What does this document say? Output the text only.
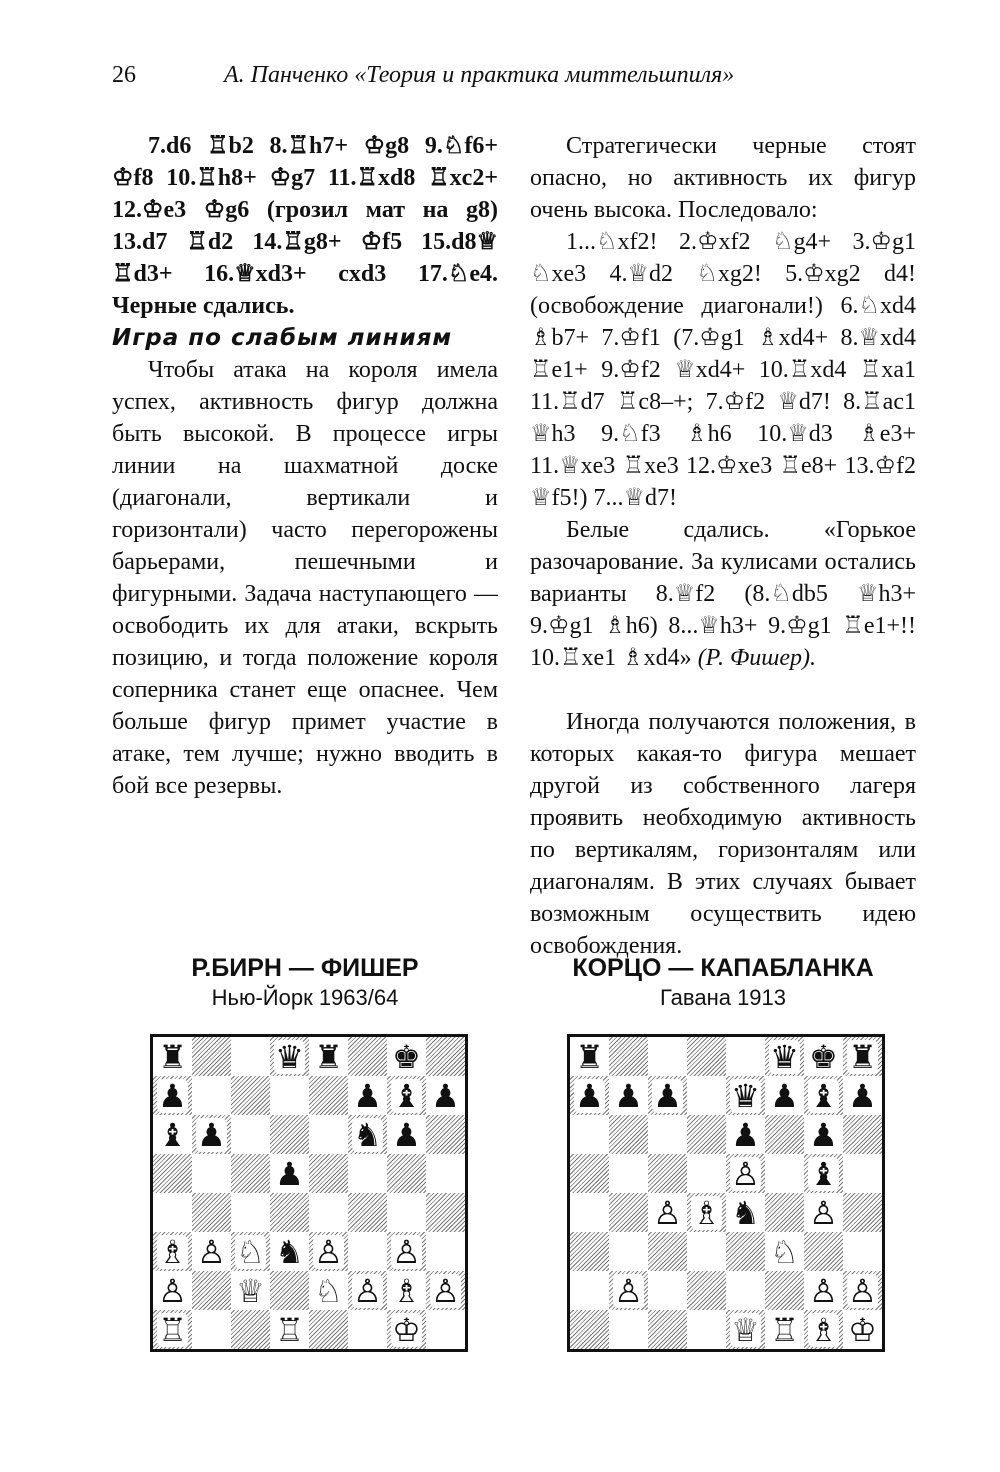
26	А. Панченко «Теория и практика миттельшпиля»

7.d6 ♖b2 8.♖h7+ ♔g8 9.♘f6+ ♔f8 10.♖h8+ ♔g7 11.♖xd8 ♖xc2+ 12.♔e3 ♔g6 (грозил мат на g8) 13.d7 ♖d2 14.♖g8+ ♔f5 15.d8♕ ♖d3+ 16.♕xd3+ cxd3 17.♘e4. Черные сдались.

Игра по слабым линиям

Чтобы атака на короля имела успех, активность фигур должна быть высокой. В процессе игры линии на шахматной доске (диагонали, вертикали и горизонтали) часто перегорожены барьерами, пешечными и фигурными. Задача наступающего — освободить их для атаки, вскрыть позицию, и тогда положение короля соперника станет еще опаснее. Чем больше фигур примет участие в атаке, тем лучше; нужно вводить в бой все резервы.

Стратегически черные стоят опасно, но активность их фигур очень высока. Последовало:

1...♘xf2! 2.♔xf2 ♘g4+ 3.♔g1 ♘xe3 4.♕d2 ♘xg2! 5.♔xg2 d4! (освобождение диагонали!) 6.♘xd4 ♗b7+ 7.♔f1 (7.♔g1 ♗xd4+ 8.♕xd4 ♖e1+ 9.♔f2 ♕xd4+ 10.♖xd4 ♖xa1 11.♖d7 ♖c8–+; 7.♔f2 ♕d7! 8.♖ac1 ♕h3 9.♘f3 ♗h6 10.♕d3 ♗e3+ 11.♕xe3 ♖xe3 12.♔xe3 ♖e8+ 13.♔f2 ♕f5!) 7...♕d7!

Белые сдались. «Горькое разочарование. За кулисами остались варианты 8.♕f2 (8.♘db5 ♕h3+ 9.♔g1 ♗h6) 8...♕h3+ 9.♔g1 ♖e1+!! 10.♖xe1 ♗xd4» (Р. Фишер).

Иногда получаются положения, в которых какая-то фигура мешает другой из собственного лагеря проявить необходимую активность по вертикалям, горизонталям или диагоналям. В этих случаях бывает возможным осуществить идею освобождения.

Р.БИРН — ФИШЕР
Нью-Йорк 1963/64
КОРЦО — КАПАБЛАНКА
Гавана 1913
♜	♛ ♜ ♚
♟	♟ ♝ ♟
♝ ♟	♞ ♟
♟
♗ ♙ ♘ ♞ ♙ ♙
♙ ♕ ♘ ♙ ♗ ♙
♖	♖	♔
♜	♛ ♚ ♜
♟ ♟ ♟ ♛ ♟ ♝ ♟
♟ ♟
♙ ♝
♙ ♗ ♞ ♙
♘
♙	♙ ♙
♕ ♖ ♗ ♔
